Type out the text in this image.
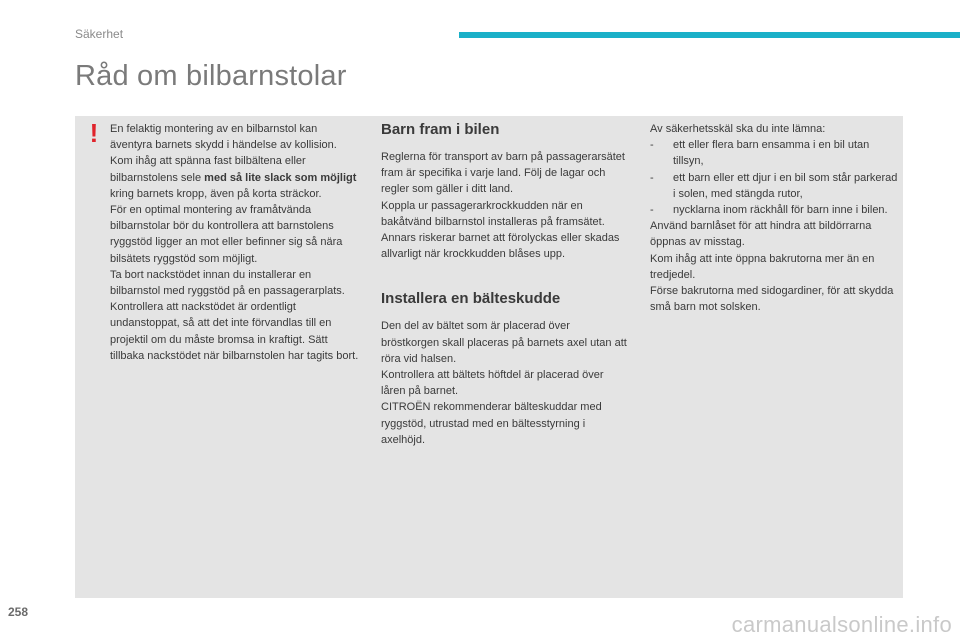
Säkerhet
Råd om bilbarnstolar
!	En felaktig montering av en bilbarnstol kan äventyra barnets skydd i händelse av kollision.

Kom ihåg att spänna fast bilbältena eller bilbarnstolens sele med så lite slack som möjligt kring barnets kropp, även på korta sträckor.

För en optimal montering av framåtvända bilbarnstolar bör du kontrollera att barnstolens ryggstöd ligger an mot eller befinner sig så nära bilsätets ryggstöd som möjligt.

Ta bort nackstödet innan du installerar en bilbarnstol med ryggstöd på en passagerarplats.

Kontrollera att nackstödet är ordentligt undanstoppat, så att det inte förvandlas till en projektil om du måste bromsa in kraftigt. Sätt tillbaka nackstödet när bilbarnstolen har tagits bort.

Barn fram i bilen

Reglerna för transport av barn på passagerarsätet fram är specifika i varje land. Följ de lagar och regler som gäller i ditt land.

Koppla ur passagerarkrockkudden när en bakåtvänd bilbarnstol installeras på framsätet. Annars riskerar barnet att förolyckas eller skadas allvarligt när krockkudden blåses upp.

Installera en bälteskudde

Den del av bältet som är placerad över bröstkorgen skall placeras på barnets axel utan att röra vid halsen.

Kontrollera att bältets höftdel är placerad över låren på barnet.

CITROËN rekommenderar bälteskuddar med ryggstöd, utrustad med en bältesstyrning i axelhöjd.

Av säkerhetsskäl ska du inte lämna:

-	ett eller flera barn ensamma i en bil utan tillsyn,
-	ett barn eller ett djur i en bil som står parkerad i solen, med stängda rutor,
-	nycklarna inom räckhåll för barn inne i bilen.

Använd barnlåset för att hindra att bildörrarna öppnas av misstag.

Kom ihåg att inte öppna bakrutorna mer än en tredjedel.

Förse bakrutorna med sidogardiner, för att skydda små barn mot solsken.

258	carmanualsonline.info
